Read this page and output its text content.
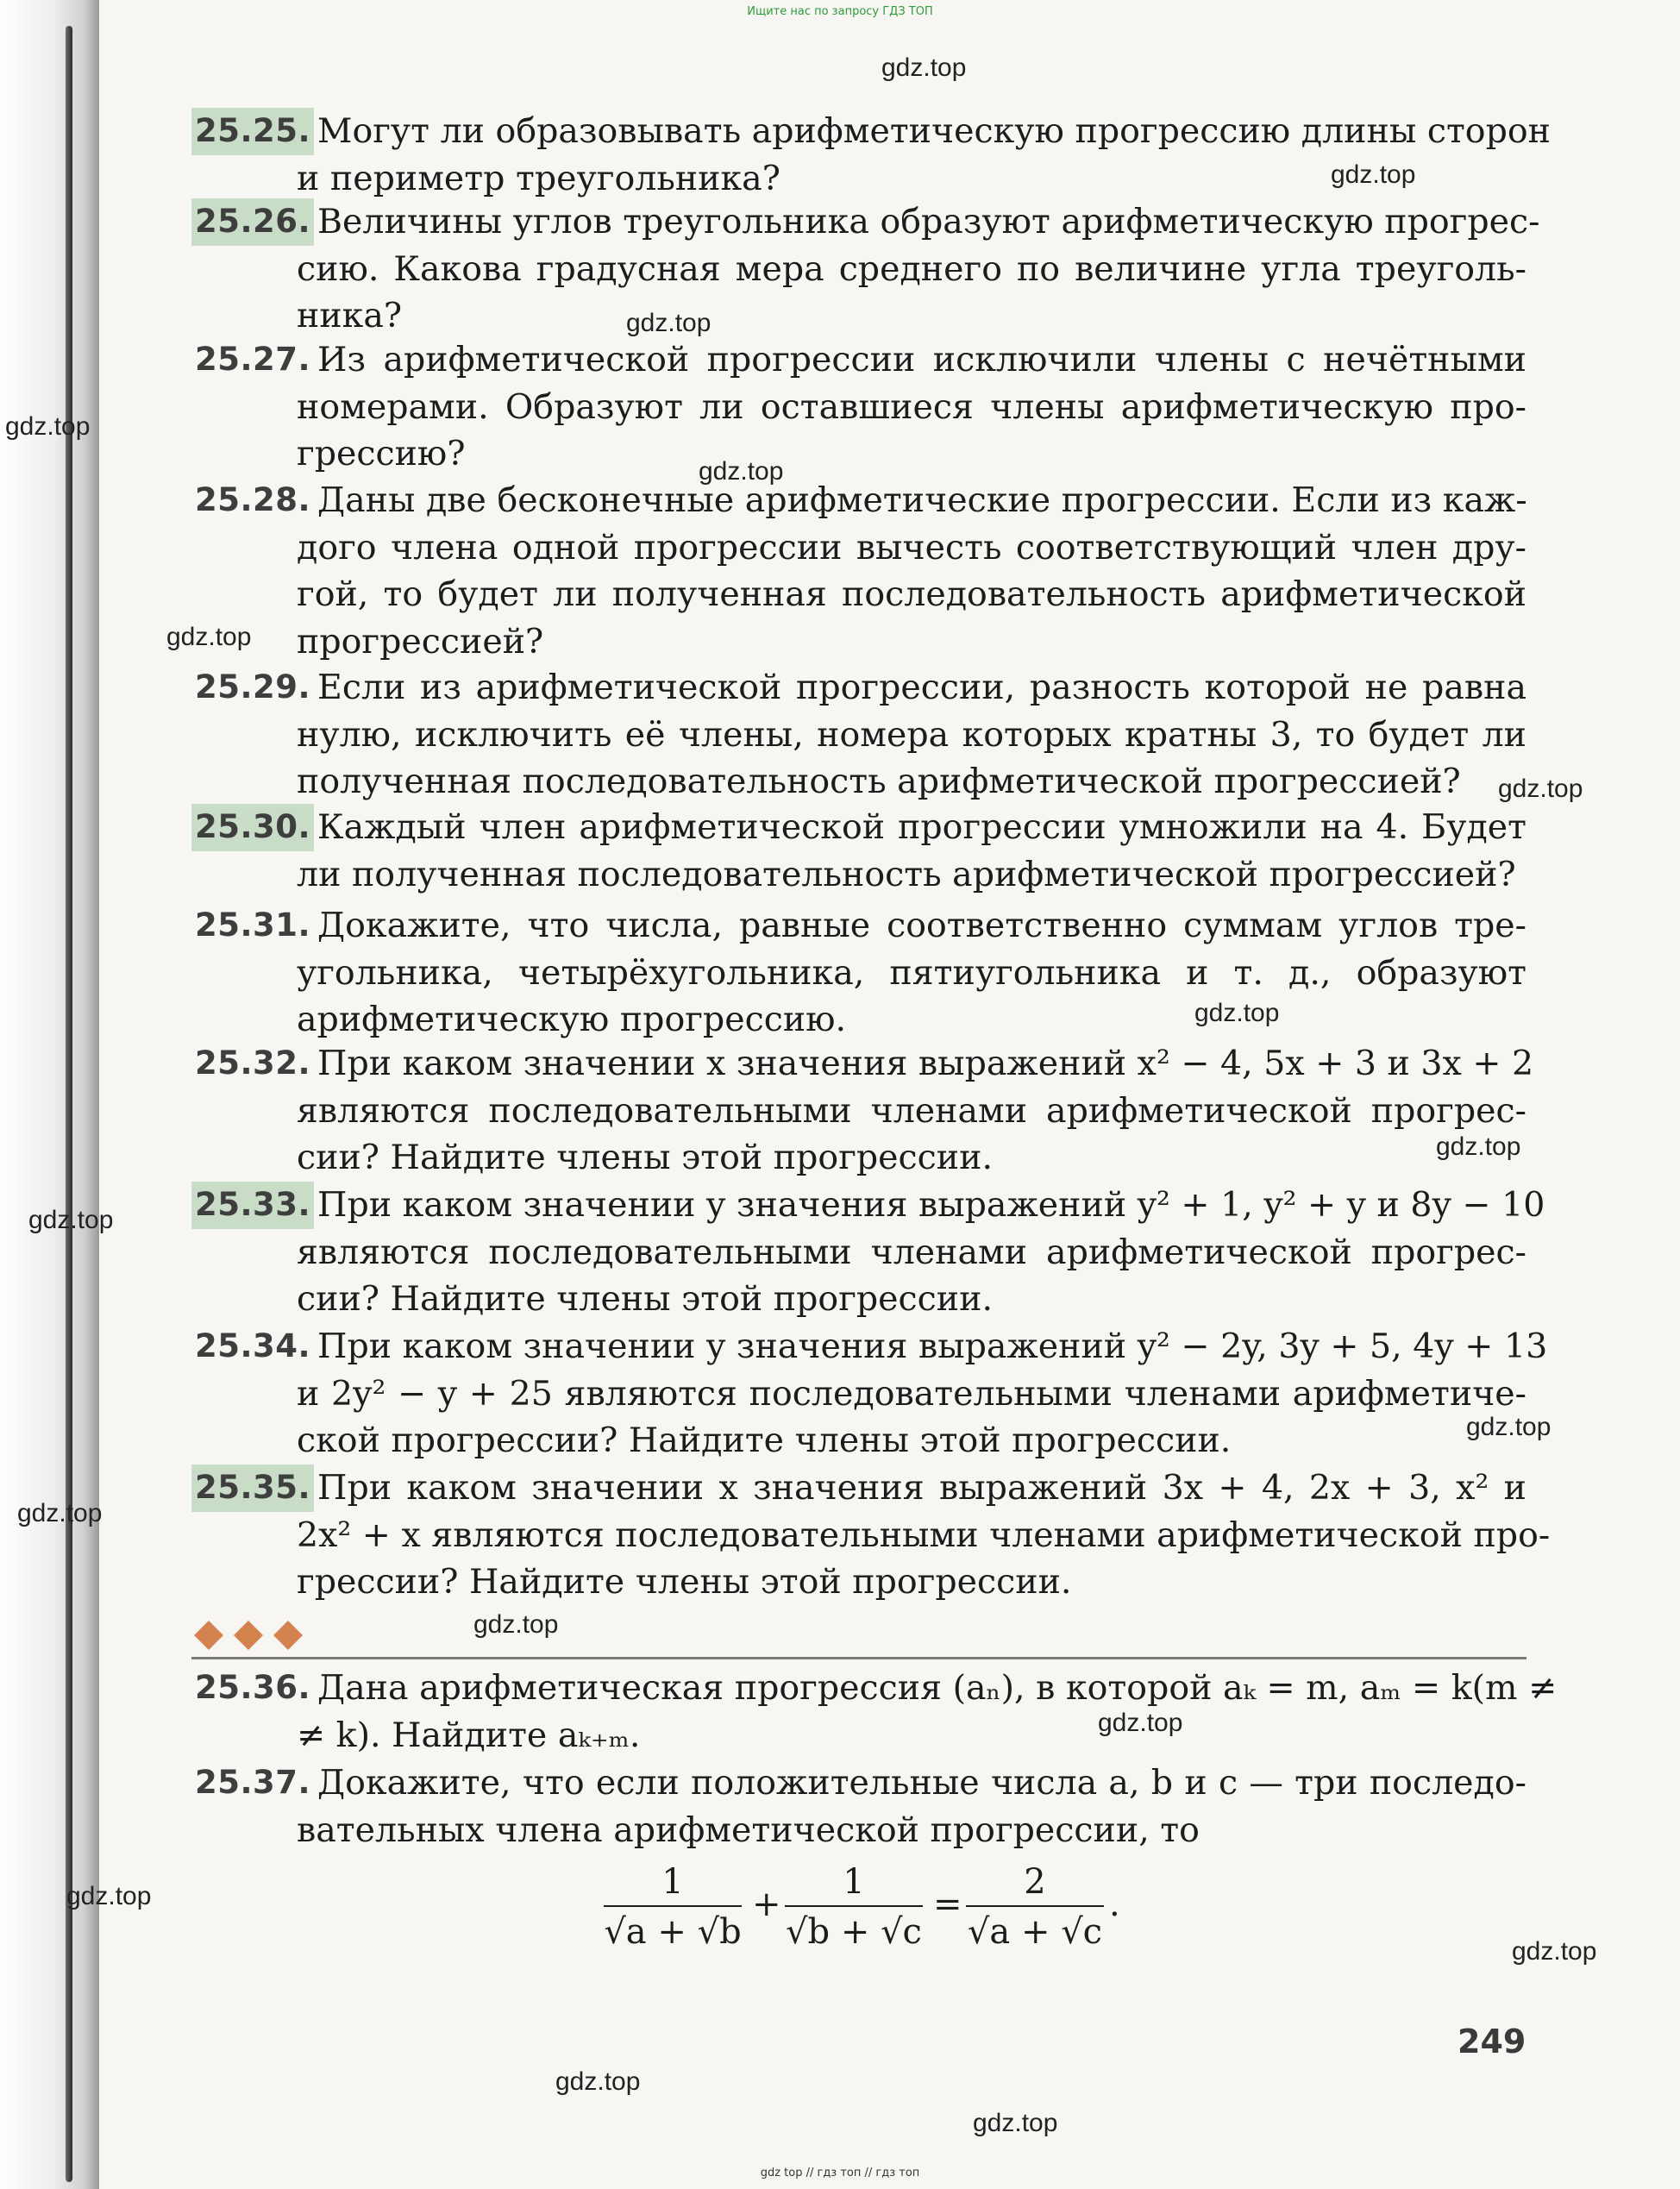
Ищите нас по запросу ГДЗ ТОП
gdz.top
gdz.top
gdz.top
gdz.top
gdz.top
gdz.top
gdz.top
gdz.top
gdz.top
gdz.top
gdz.top
gdz.top
gdz.top
gdz.top
gdz.top
gdz.top
gdz.top
gdz.top
25.25. Могут ли образовывать арифметическую прогрессию длины сторон
и периметр треугольника?
25.26. Величины углов треугольника образуют арифметическую прогрес-
сию. Какова градусная мера среднего по величине угла треуголь-
ника?
25.27. Из арифметической прогрессии исключили члены с нечётными
номерами. Образуют ли оставшиеся члены арифметическую про-
грессию?
25.28. Даны две бесконечные арифметические прогрессии. Если из каж-
дого члена одной прогрессии вычесть соответствующий член дру-
гой, то будет ли полученная последовательность арифметической
прогрессией?
25.29. Если из арифметической прогрессии, разность которой не равна
нулю, исключить её члены, номера которых кратны 3, то будет ли
полученная последовательность арифметической прогрессией?
25.30. Каждый член арифметической прогрессии умножили на 4. Будет
ли полученная последовательность арифметической прогрессией?
25.31. Докажите, что числа, равные соответственно суммам углов тре-
угольника, четырёхугольника, пятиугольника и т. д., образуют
арифметическую прогрессию.
25.32. При каком значении x значения выражений x² − 4, 5x + 3 и 3x + 2
являются последовательными членами арифметической прогрес-
сии? Найдите члены этой прогрессии.
25.33. При каком значении y значения выражений y² + 1, y² + y и 8y − 10
являются последовательными членами арифметической прогрес-
сии? Найдите члены этой прогрессии.
25.34. При каком значении y значения выражений y² − 2y, 3y + 5, 4y + 13
и 2y² − y + 25 являются последовательными членами арифметиче-
ской прогрессии? Найдите члены этой прогрессии.
25.35. При каком значении x значения выражений 3x + 4, 2x + 3, x² и
2x² + x являются последовательными членами арифметической про-
грессии? Найдите члены этой прогрессии.
25.36. Дана арифметическая прогрессия (aₙ), в которой aₖ = m, aₘ = k(m ≠
≠ k). Найдите aₖ₊ₘ.
25.37. Докажите, что если положительные числа a, b и c — три последо-
вательных члена арифметической прогрессии, то
1
√a + √b
+
1
√b + √c
=
2
√a + √c
.
249
gdz top // гдз топ // гдз топ
